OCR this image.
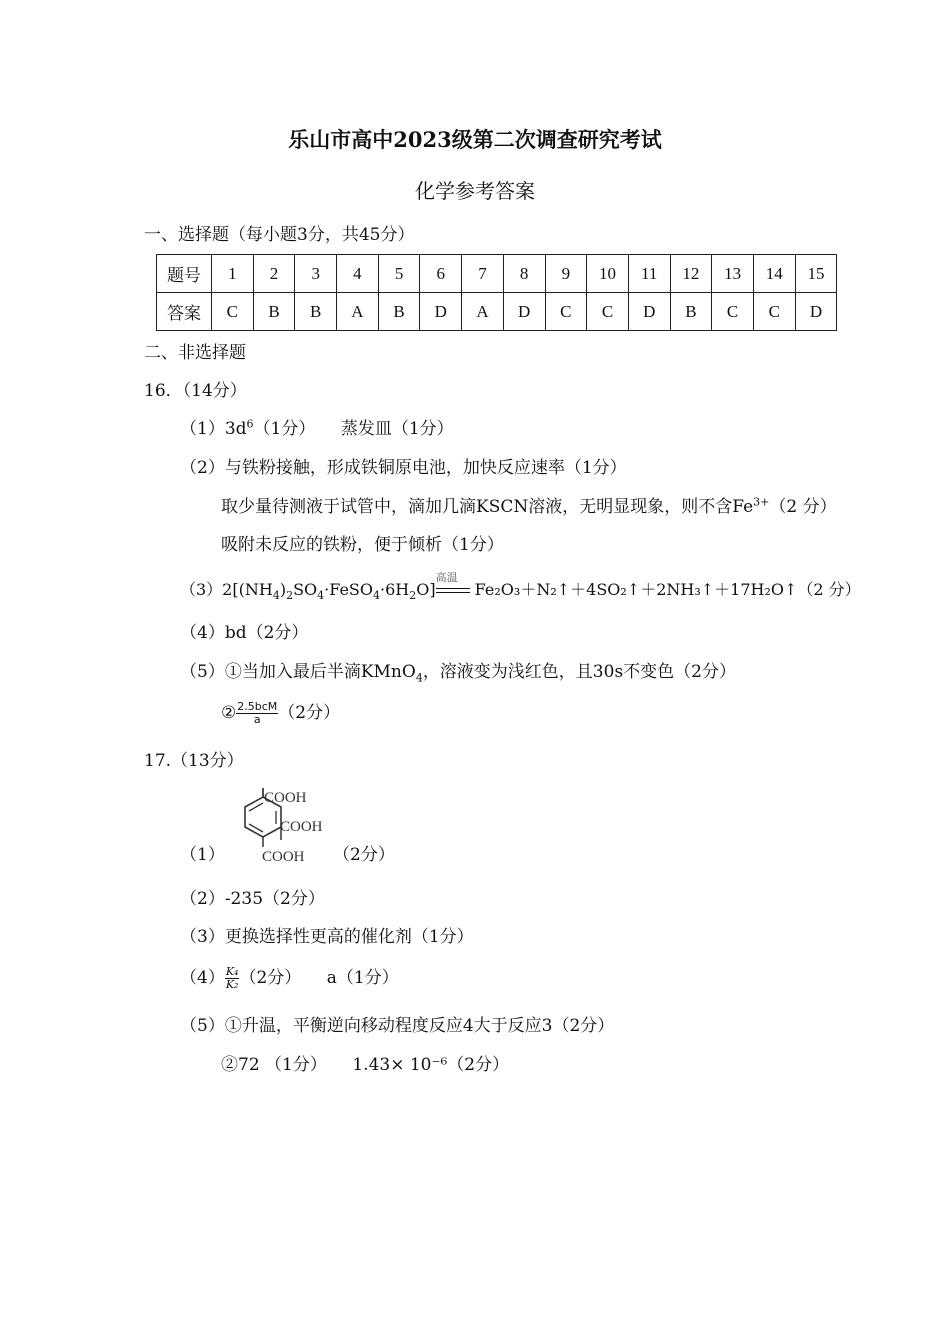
乐山市高中2023级第二次调查研究考试
化学参考答案
一、选择题（每小题3分，共45分）
题号	1	2	3	4	5	6	7	8	9	10	11	12	13	14	15
答案	C	B	B	A	B	D	A	D	C	C	D	B	C	C	D
二、非选择题
16．（14分）
$(1)3d^6(1$分）　　蒸发皿（1分）
（2）与铁粉接触，形成铁铜原电池，加快反应速率（1分）
取少量待测液于试管中，滴加几滴KSCN溶液，无明显现象，则不含$Fe^{3+}(2$ 分）
吸附未反应的铁粉，便于倾析（1分）
$(3)2[(NH_4)_2SO_4\cdot FeSO_4\cdot 6H_2O]$
高温
Fe₂O₃＋N₂↑＋4SO₂↑＋2NH₃↑＋17H₂O↑（2 分）
（4）bd（2分）
（5）①当加入最后半滴KMnO$_4$，溶液变为浅红色，且30s不变色（2分）
② $\frac{\text{2.5bcM}}{a} (2$分）
17.（13分）
（1）
COOH
COOH
COOH （2分）
（2）-235（2分）
（3）更换选择性更高的催化剂（1分）
$(4) \frac{\text{K₄}}{\text{K₂}} (2$分）　　a（1分）
（5）①升温，平衡逆向移动程度反应4大于反应3（2分）
②72 （1分）　　1.43× 10⁻⁶（2分）
